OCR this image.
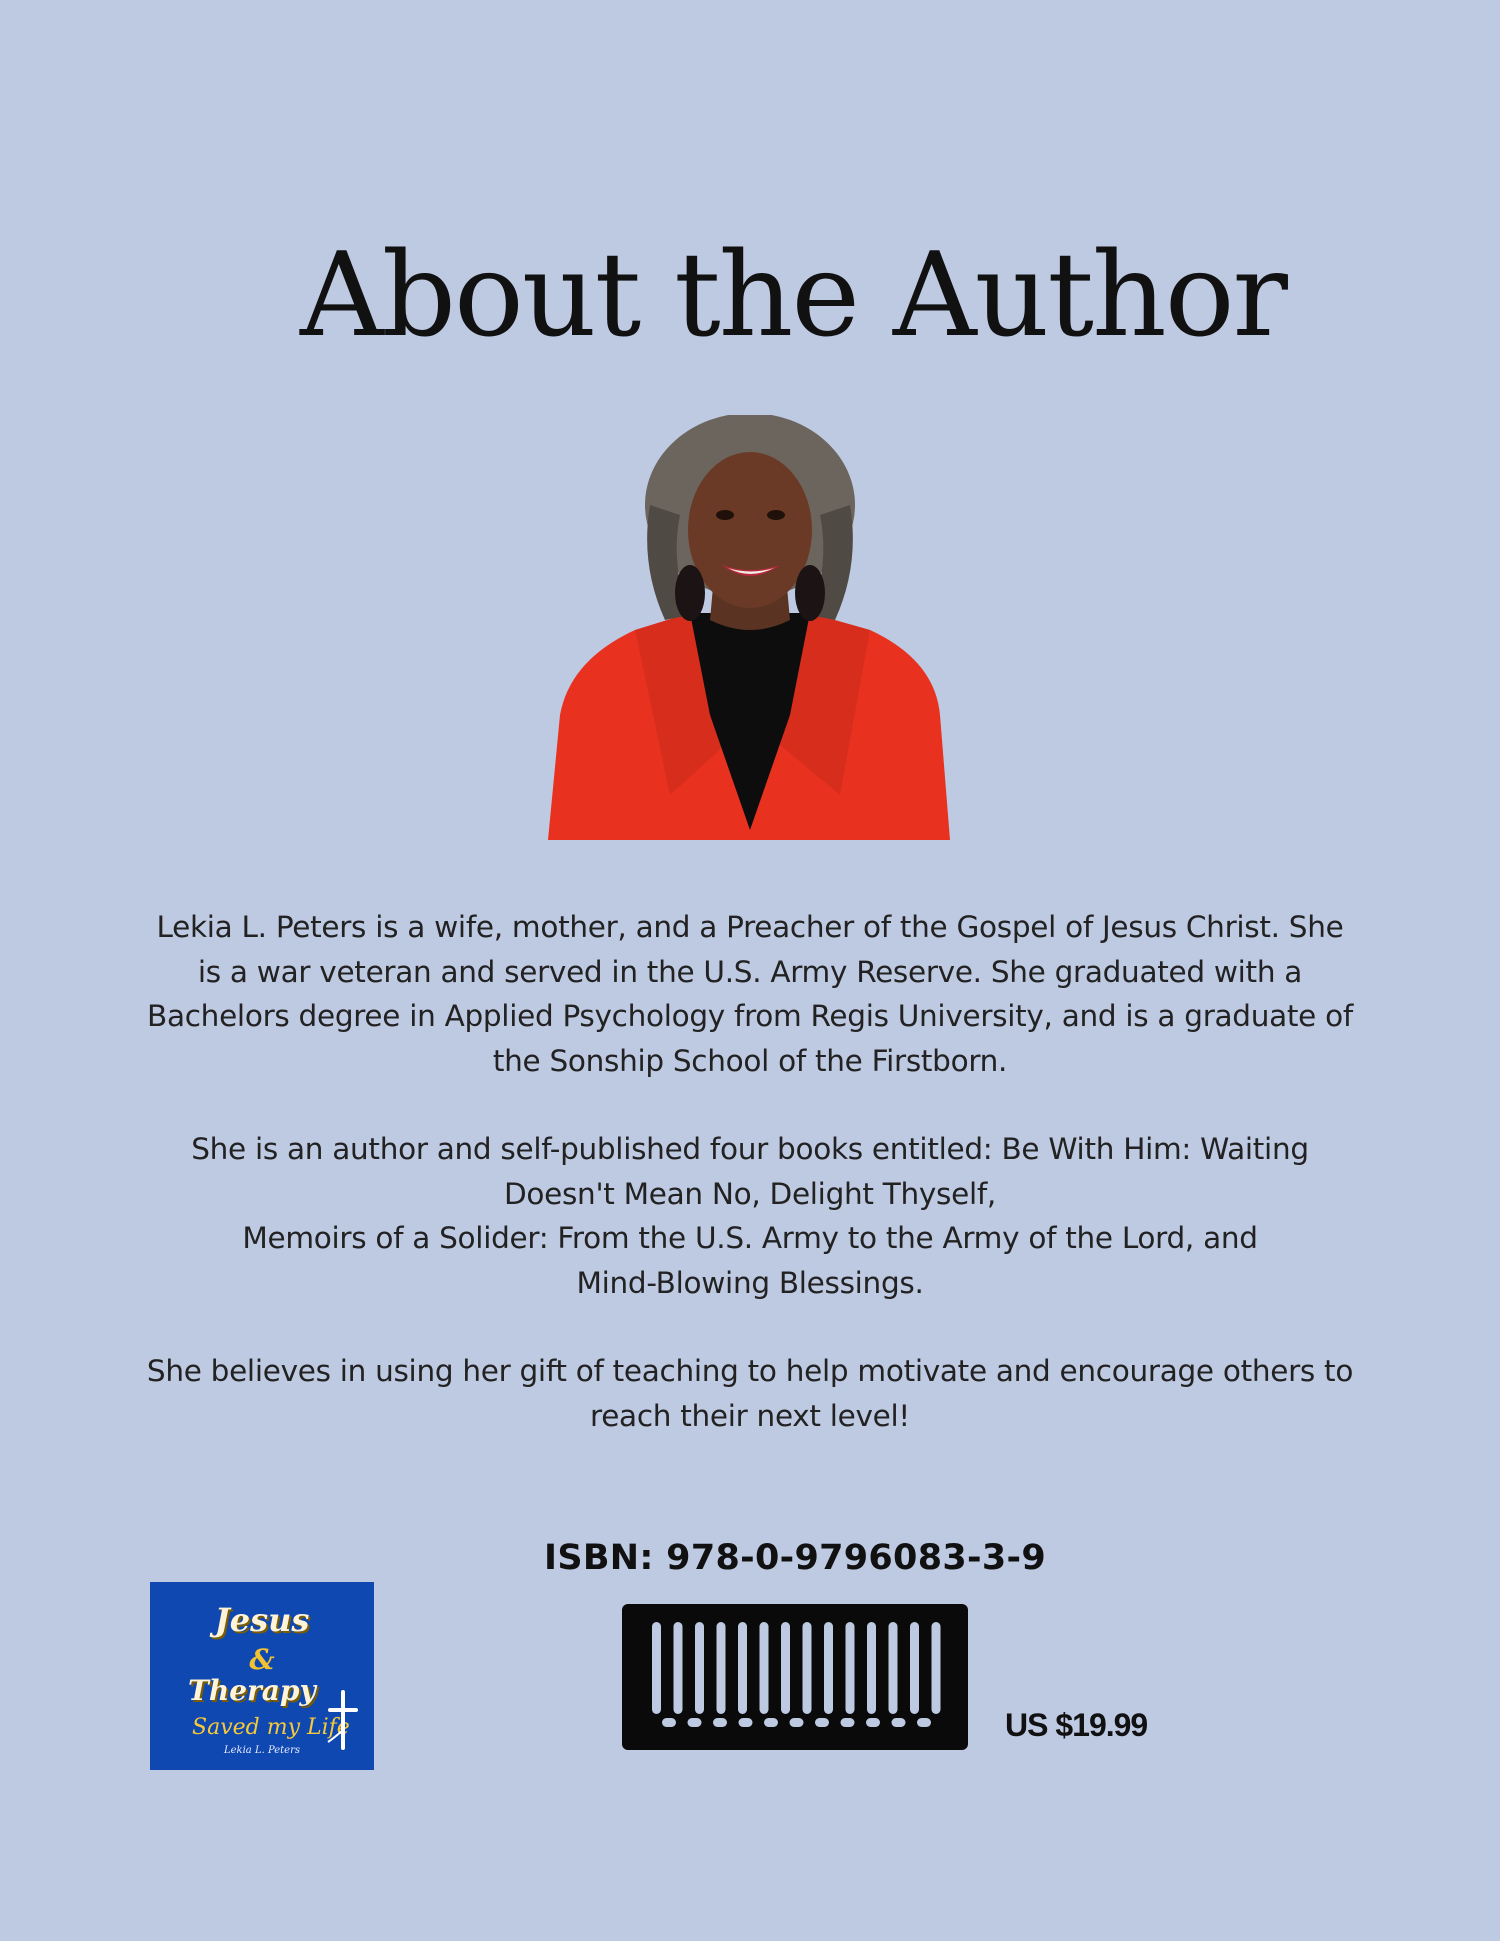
About the Author

Lekia L. Peters is a wife, mother, and a Preacher of the Gospel of Jesus Christ. She
is a war veteran and served in the U.S. Army Reserve. She graduated with a
Bachelors degree in Applied Psychology from Regis University, and is a graduate of
the Sonship School of the Firstborn.

She is an author and self-published four books entitled: Be With Him: Waiting
Doesn't Mean No, Delight Thyself,
Memoirs of a Solider: From the U.S. Army to the Army of the Lord, and
Mind-Blowing Blessings.

She believes in using her gift of teaching to help motivate and encourage others to
reach their next level!

ISBN: 978-0-9796083-3-9
US $19.99
Jesus
&
Therapy
Saved my Life
Lekia L. Peters
